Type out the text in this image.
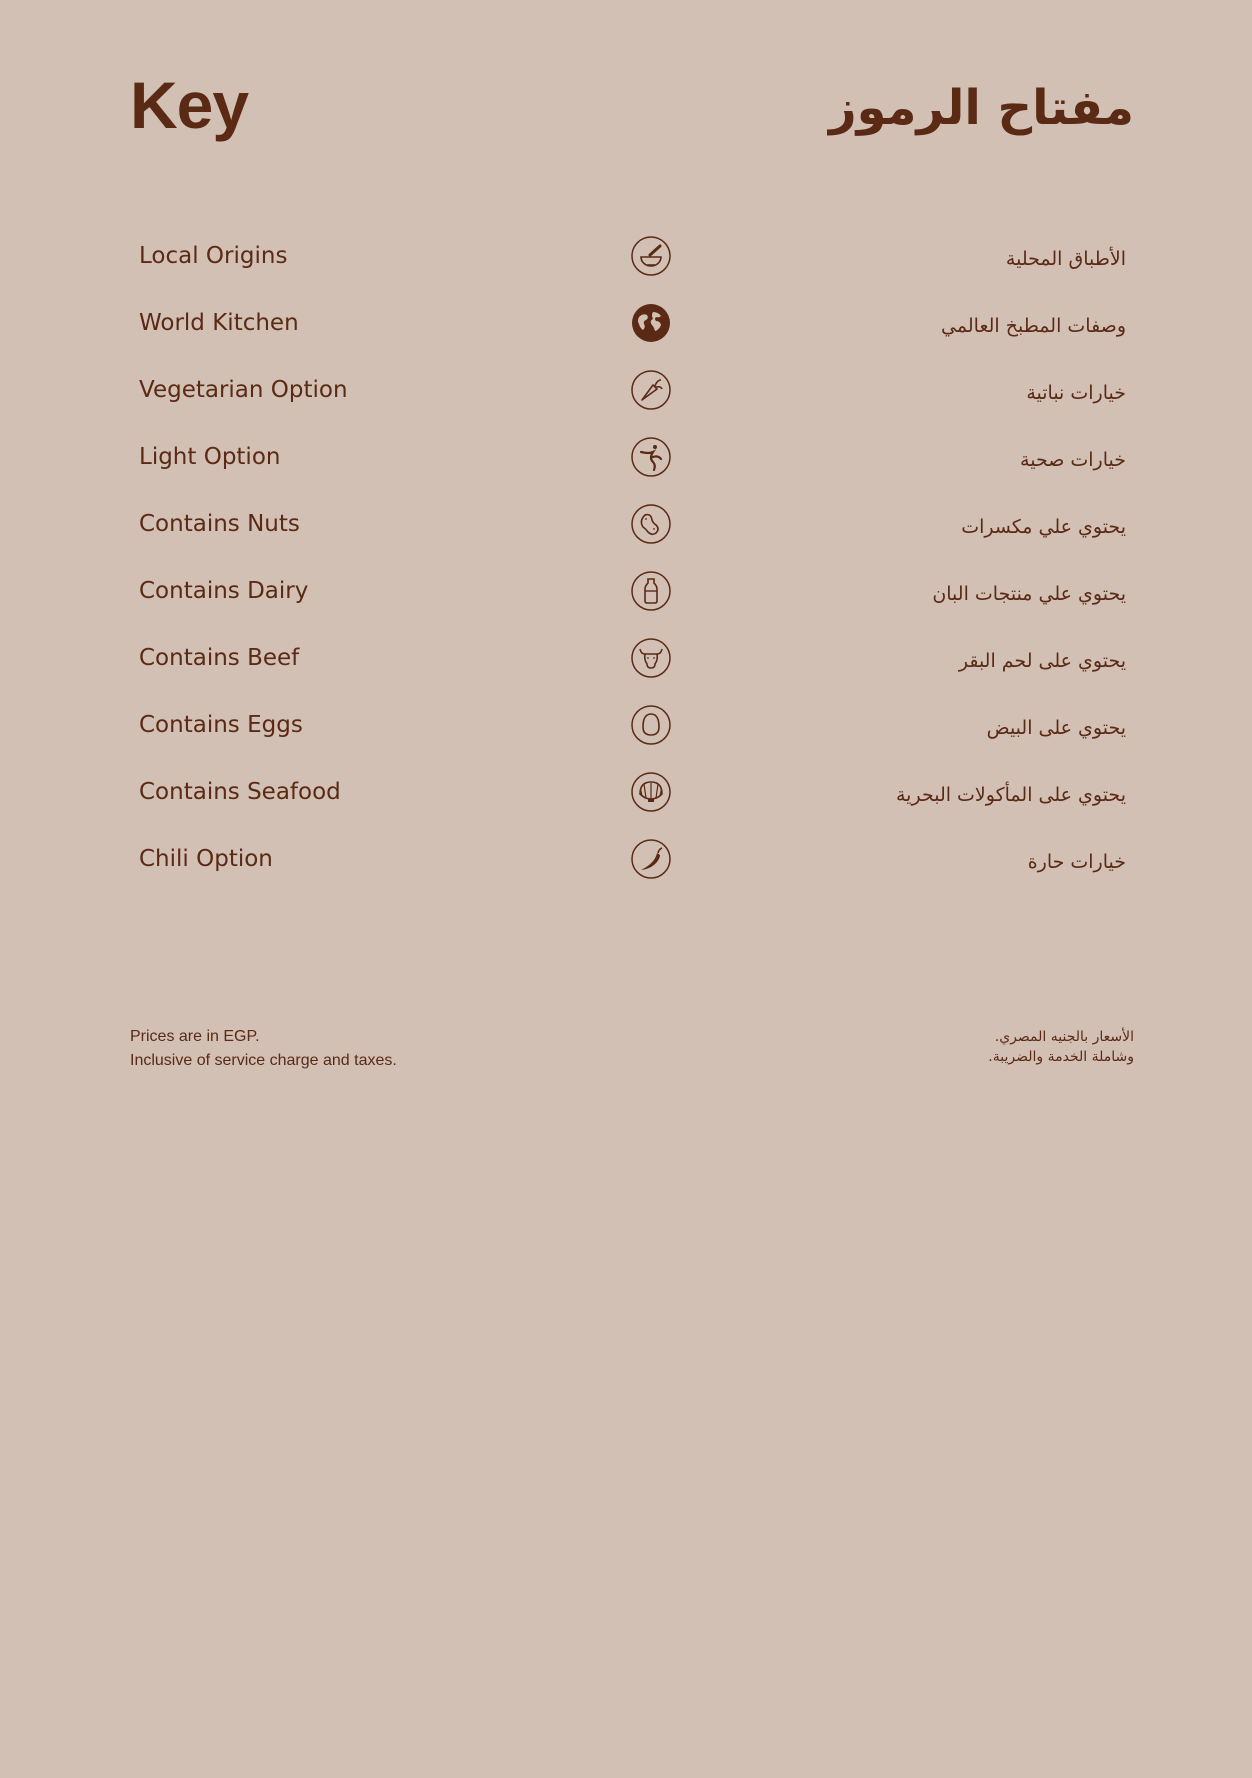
Key	مفتاح الرموز
Local Origins	الأطباق المحلية
World Kitchen	وصفات المطبخ العالمي
Vegetarian Option	خيارات نباتية
Light Option	خيارات صحية
Contains Nuts	يحتوي علي مكسرات
Contains Dairy	يحتوي علي منتجات البان
Contains Beef	يحتوي على لحم البقر
Contains Eggs	يحتوي على البيض
Contains Seafood	يحتوي على المأكولات البحرية
Chili Option	خيارات حارة
Prices are in EGP.
Inclusive of service charge and taxes.
الأسعار بالجنيه المصري.
وشاملة الخدمة والضريبة.
